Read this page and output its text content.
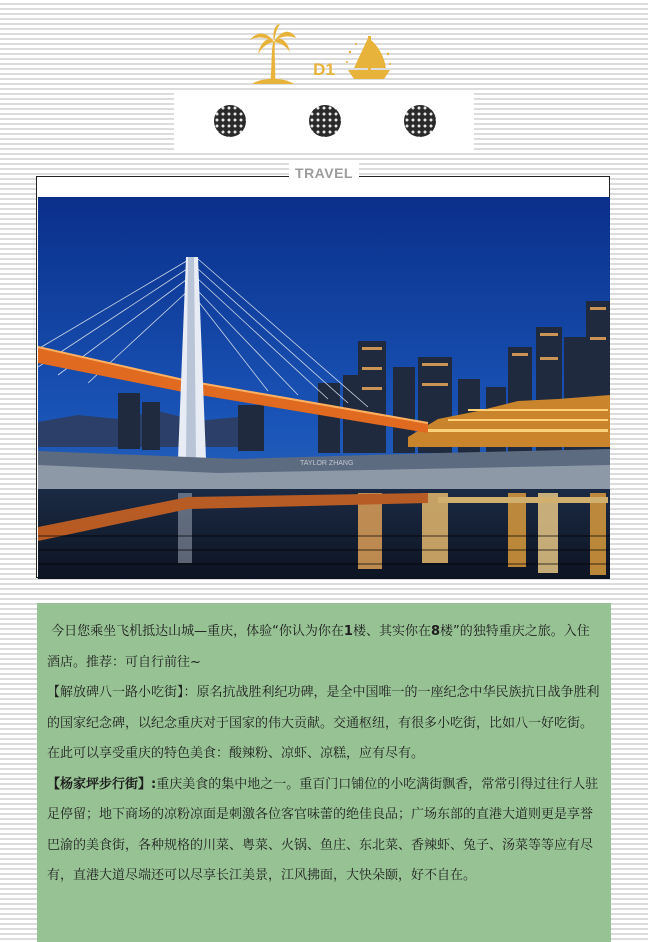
D1
TRAVEL
TAYLOR ZHANG

今日您乘坐飞机抵达山城—重庆，体验“你认为你在1楼、其实你在8楼”的独特重庆之旅。入住酒店。推荐：可自行前往~

【解放碑八一路小吃街】：原名抗战胜利纪功碑，是全中国唯一的一座纪念中华民族抗日战争胜利的国家纪念碑，以纪念重庆对于国家的伟大贡献。交通枢纽，有很多小吃街，比如八一好吃街。在此可以享受重庆的特色美食：酸辣粉、凉虾、凉糕，应有尽有。

【杨家坪步行街】:重庆美食的集中地之一。重百门口铺位的小吃满街飘香，常常引得过往行人驻足停留；地下商场的凉粉凉面是刺激各位客官味蕾的绝佳良品；广场东部的直港大道则更是享誉巴渝的美食街，各种规格的川菜、粤菜、火锅、鱼庄、东北菜、香辣虾、兔子、汤菜等等应有尽有，直港大道尽端还可以尽享长江美景，江风拂面，大快朵颐，好不自在。
